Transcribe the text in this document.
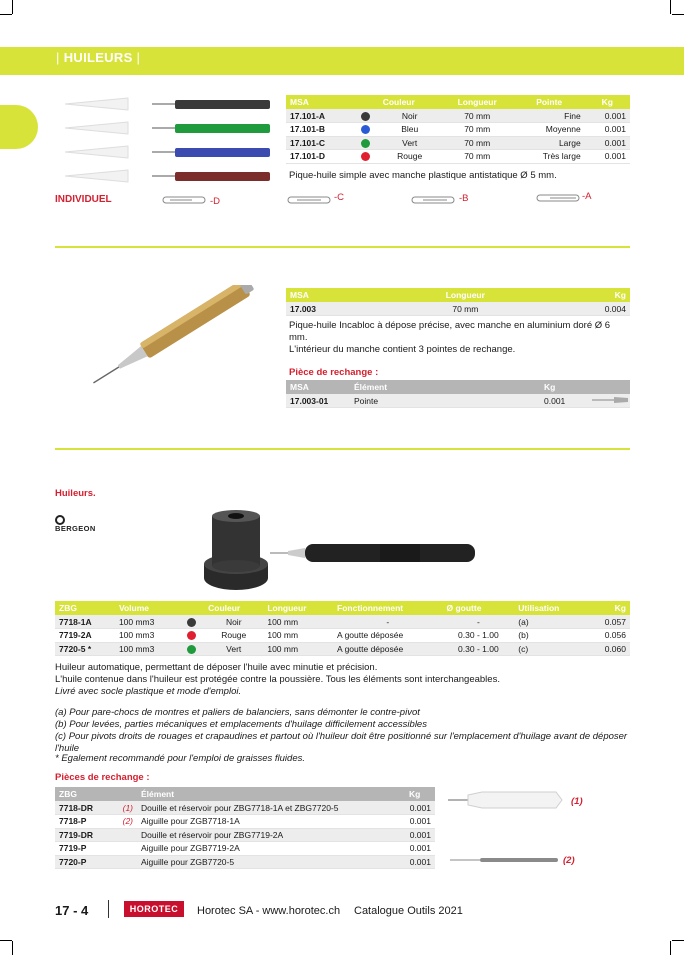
| HUILEURS |
MSA		Couleur	Longueur	Pointe	Kg
17.101-A		Noir	70 mm	Fine	0.001
17.101-B		Bleu	70 mm	Moyenne	0.001
17.101-C		Vert	70 mm	Large	0.001
17.101-D		Rouge	70 mm	Très large	0.001
Pique-huile simple avec manche plastique antistatique Ø 5 mm.
INDIVIDUEL	-D	-C	-B	-A
MSA	Longueur	Kg
17.003	70 mm	0.004
Pique-huile Incabloc à dépose précise, avec manche en aluminium doré Ø 6 mm.
L'intérieur du manche contient 3 pointes de rechange.
Pièce de rechange :
MSA	Élément	Kg
17.003-01	Pointe	0.001
Huileurs.
BERGEON
ZBG	Volume		Couleur	Longueur	Fonctionnement	Ø goutte	Utilisation	Kg
7718-1A	100 mm3		Noir	100 mm	-	-	(a)	0.057
7719-2A	100 mm3		Rouge	100 mm	A goutte déposée	0.30 - 1.00	(b)	0.056
7720-5 *	100 mm3		Vert	100 mm	A goutte déposée	0.30 - 1.00	(c)	0.060
Huileur automatique, permettant de déposer l'huile avec minutie et précision.
L'huile contenue dans l'huileur est protégée contre la poussière. Tous les éléments sont interchangeables.
Livré avec socle plastique et mode d'emploi.
(a) Pour pare-chocs de montres et paliers de balanciers, sans démonter le contre-pivot
(b) Pour levées, parties mécaniques et emplacements d'huilage difficilement accessibles
(c) Pour pivots droits de rouages et crapaudines et partout où l'huileur doit être positionné sur l'emplacement d'huilage avant de déposer l'huile
* Egalement recommandé pour l'emploi de graisses fluides.
Pièces de rechange :
ZBG		Élément	Kg
7718-DR	(1)	Douille et réservoir pour ZBG7718-1A et ZBG7720-5	0.001
7718-P	(2)	Aiguille pour ZGB7718-1A	0.001
7719-DR		Douille et réservoir pour ZBG7719-2A	0.001
7719-P		Aiguille pour ZGB7719-2A	0.001
7720-P		Aiguille pour ZGB7720-5	0.001
(1)
(2)
17 - 4	HOROTEC	Horotec SA - www.horotec.ch Catalogue Outils 2021
